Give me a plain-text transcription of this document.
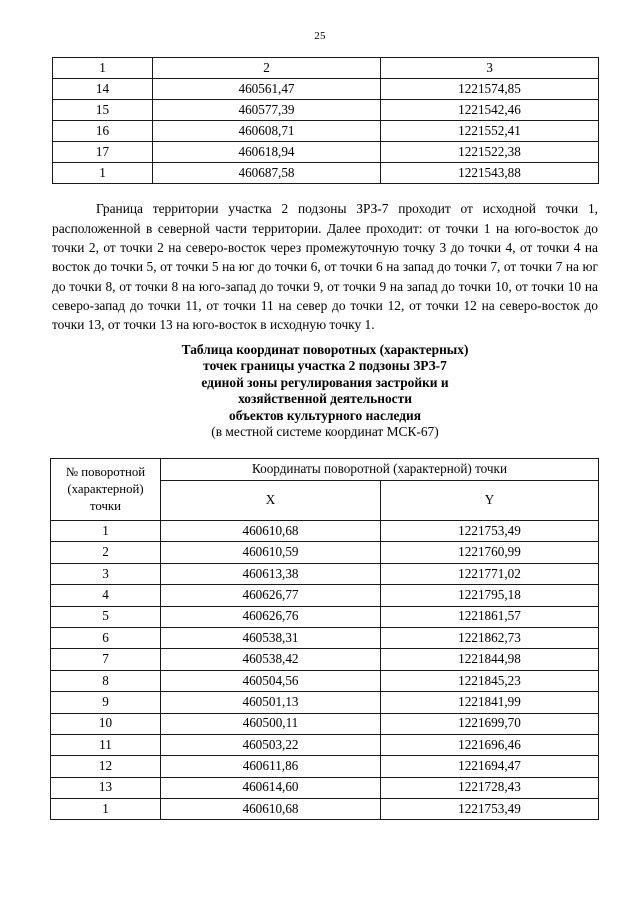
25
1	2	3
14	460561,47	1221574,85
15	460577,39	1221542,46
16	460608,71	1221552,41
17	460618,94	1221522,38
1	460687,58	1221543,88

Граница территории участка 2 подзоны ЗРЗ-7 проходит от исходной точки 1, расположенной в северной части территории. Далее проходит: от точки 1 на юго-восток до точки 2, от точки 2 на северо-восток через промежуточную точку 3 до точки 4, от точки 4 на восток до точки 5, от точки 5 на юг до точки 6, от точки 6 на запад до точки 7, от точки 7 на юг до точки 8, от точки 8 на юго-запад до точки 9, от точки 9 на запад до точки 10, от точки 10 на северо-запад до точки 11, от точки 11 на север до точки 12, от точки 12 на северо-восток до точки 13, от точки 13 на юго-восток в исходную точку 1.

Таблица координат поворотных (характерных)
точек границы участка 2 подзоны ЗРЗ-7
единой зоны регулирования застройки и
хозяйственной деятельности
объектов культурного наследия
(в местной системе координат МСК-67)
№ поворотной (характерной) точки	Координаты поворотной (характерной) точки	
	X	Y
1	460610,68	1221753,49
2	460610,59	1221760,99
3	460613,38	1221771,02
4	460626,77	1221795,18
5	460626,76	1221861,57
6	460538,31	1221862,73
7	460538,42	1221844,98
8	460504,56	1221845,23
9	460501,13	1221841,99
10	460500,11	1221699,70
11	460503,22	1221696,46
12	460611,86	1221694,47
13	460614,60	1221728,43
1	460610,68	1221753,49
